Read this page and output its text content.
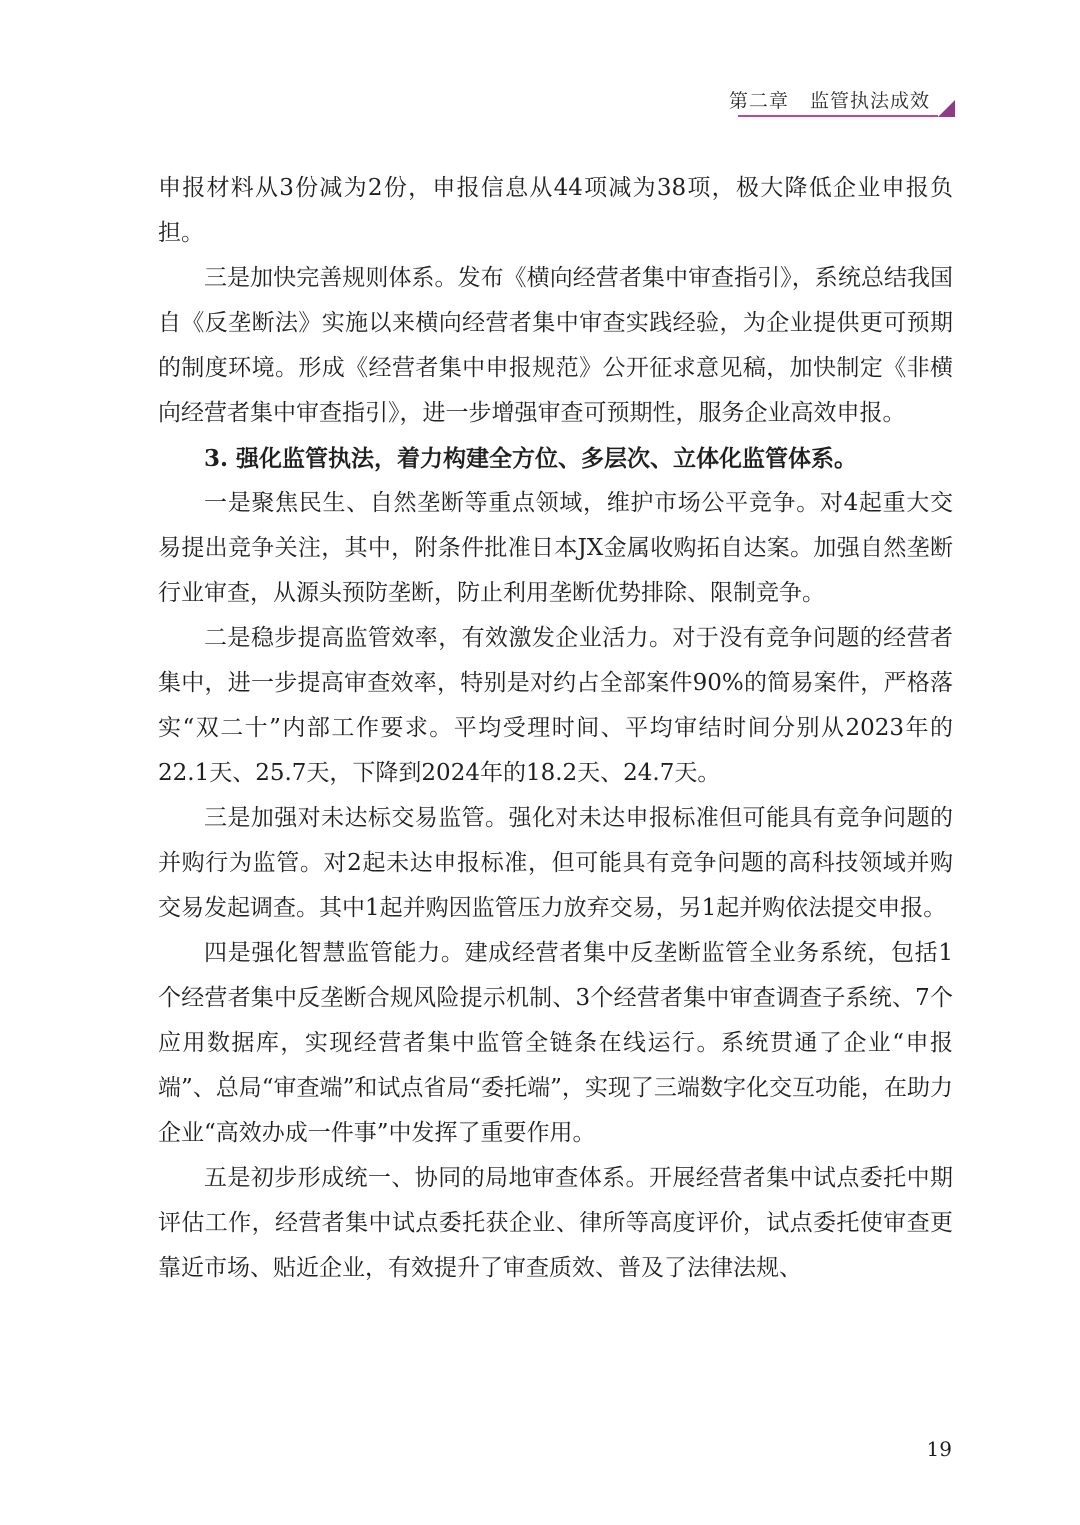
第二章 监管执法成效

申报材料从3份减为2份，申报信息从44项减为38项，极大降低企业申报负担。

三是加快完善规则体系。发布《横向经营者集中审查指引》，系统总结我国自《反垄断法》实施以来横向经营者集中审查实践经验，为企业提供更可预期的制度环境。形成《经营者集中申报规范》公开征求意见稿，加快制定《非横向经营者集中审查指引》，进一步增强审查可预期性，服务企业高效申报。

3. 强化监管执法，着力构建全方位、多层次、立体化监管体系。

一是聚焦民生、自然垄断等重点领域，维护市场公平竞争。对4起重大交易提出竞争关注，其中，附条件批准日本JX金属收购拓自达案。加强自然垄断行业审查，从源头预防垄断，防止利用垄断优势排除、限制竞争。

二是稳步提高监管效率，有效激发企业活力。对于没有竞争问题的经营者集中，进一步提高审查效率，特别是对约占全部案件90%的简易案件，严格落实“双二十”内部工作要求。平均受理时间、平均审结时间分别从2023年的22.1天、25.7天，下降到2024年的18.2天、24.7天。

三是加强对未达标交易监管。强化对未达申报标准但可能具有竞争问题的并购行为监管。对2起未达申报标准，但可能具有竞争问题的高科技领域并购交易发起调查。其中1起并购因监管压力放弃交易，另1起并购依法提交申报。

四是强化智慧监管能力。建成经营者集中反垄断监管全业务系统，包括1个经营者集中反垄断合规风险提示机制、3个经营者集中审查调查子系统、7个应用数据库，实现经营者集中监管全链条在线运行。系统贯通了企业“申报端”、总局“审查端”和试点省局“委托端”，实现了三端数字化交互功能，在助力企业“高效办成一件事”中发挥了重要作用。

五是初步形成统一、协同的局地审查体系。开展经营者集中试点委托中期评估工作，经营者集中试点委托获企业、律所等高度评价，试点委托使审查更靠近市场、贴近企业，有效提升了审查质效、普及了法律法规、

19
